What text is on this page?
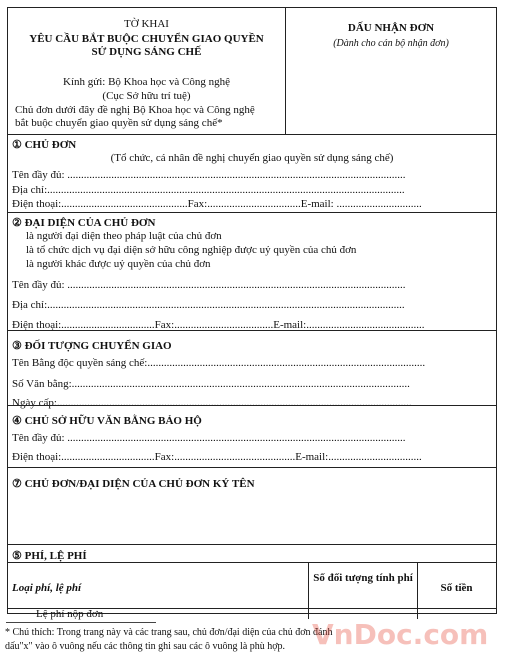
TỜ KHAI
YÊU CẦU BẮT BUỘC CHUYỂN GIAO QUYỀN
SỬ DỤNG SÁNG CHẾ
Kính gửi: Bộ Khoa học và Công nghệ
(Cục Sở hữu trí tuệ)
Chủ đơn dưới đây đề nghị Bộ Khoa học và Công nghệ
bắt buộc chuyển giao quyền sử dụng sáng chế*
DẤU NHẬN ĐƠN
(Dành cho cán bộ nhận đơn)
① CHỦ ĐƠN
(Tổ chức, cá nhân đề nghị chuyển giao quyền sử dụng sáng chế)
Tên đầy đủ: ...........................................................................................................................
Địa chỉ:..................................................................................................................................
Điện thoại:..............................................Fax:..................................E-mail: ...............................
② ĐẠI DIỆN CỦA CHỦ ĐƠN
là người đại diện theo pháp luật của chủ đơn
là tổ chức dịch vụ đại diện sở hữu công nghiệp được uỷ quyền của chủ đơn
là người khác được uỷ quyền của chủ đơn
Tên đầy đủ: ...........................................................................................................................
Địa chỉ:..................................................................................................................................
Điện thoại:..................................Fax:....................................E-mail:...........................................
③ ĐỐI TƯỢNG CHUYỂN GIAO
Tên Bằng độc quyền sáng chế:.....................................................................................................
Số Văn bằng:...........................................................................................................................
Ngày cấp:.................................................................................................................................
④ CHỦ SỞ HỮU VĂN BẰNG BẢO HỘ
Tên đầy đủ: ...........................................................................................................................
Điện thoại:..................................Fax:............................................E-mail:..................................
⑦ CHỦ ĐƠN/ĐẠI DIỆN CỦA CHỦ ĐƠN KÝ TÊN
⑤ PHÍ, LỆ PHÍ
Loại phí, lệ phí
Số đối tượng tính phí
Số tiền
Lệ phí nộp đơn
* Chú thích: Trong trang này và các trang sau, chủ đơn/đại diện của chủ đơn đánh
dấu"x" vào ô vuông nếu các thông tin ghi sau các ô vuông là phù hợp. VnDoc.com
